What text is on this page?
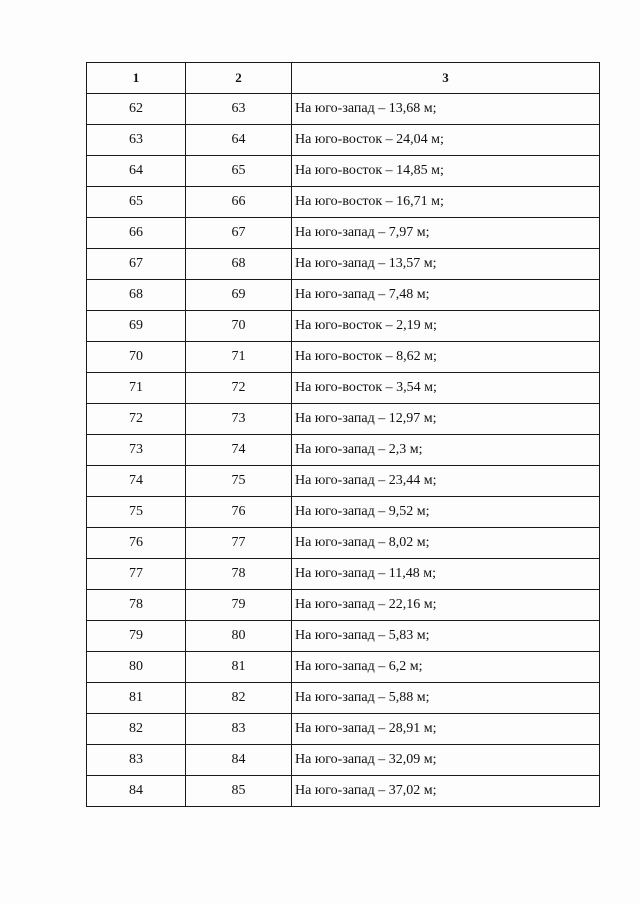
1	2	3
62	63	На юго-запад – 13,68 м;
63	64	На юго-восток – 24,04 м;
64	65	На юго-восток – 14,85 м;
65	66	На юго-восток – 16,71 м;
66	67	На юго-запад – 7,97 м;
67	68	На юго-запад – 13,57 м;
68	69	На юго-запад – 7,48 м;
69	70	На юго-восток – 2,19 м;
70	71	На юго-восток – 8,62 м;
71	72	На юго-восток – 3,54 м;
72	73	На юго-запад – 12,97 м;
73	74	На юго-запад – 2,3 м;
74	75	На юго-запад – 23,44 м;
75	76	На юго-запад – 9,52 м;
76	77	На юго-запад – 8,02 м;
77	78	На юго-запад – 11,48 м;
78	79	На юго-запад – 22,16 м;
79	80	На юго-запад – 5,83 м;
80	81	На юго-запад – 6,2 м;
81	82	На юго-запад – 5,88 м;
82	83	На юго-запад – 28,91 м;
83	84	На юго-запад – 32,09 м;
84	85	На юго-запад – 37,02 м;
